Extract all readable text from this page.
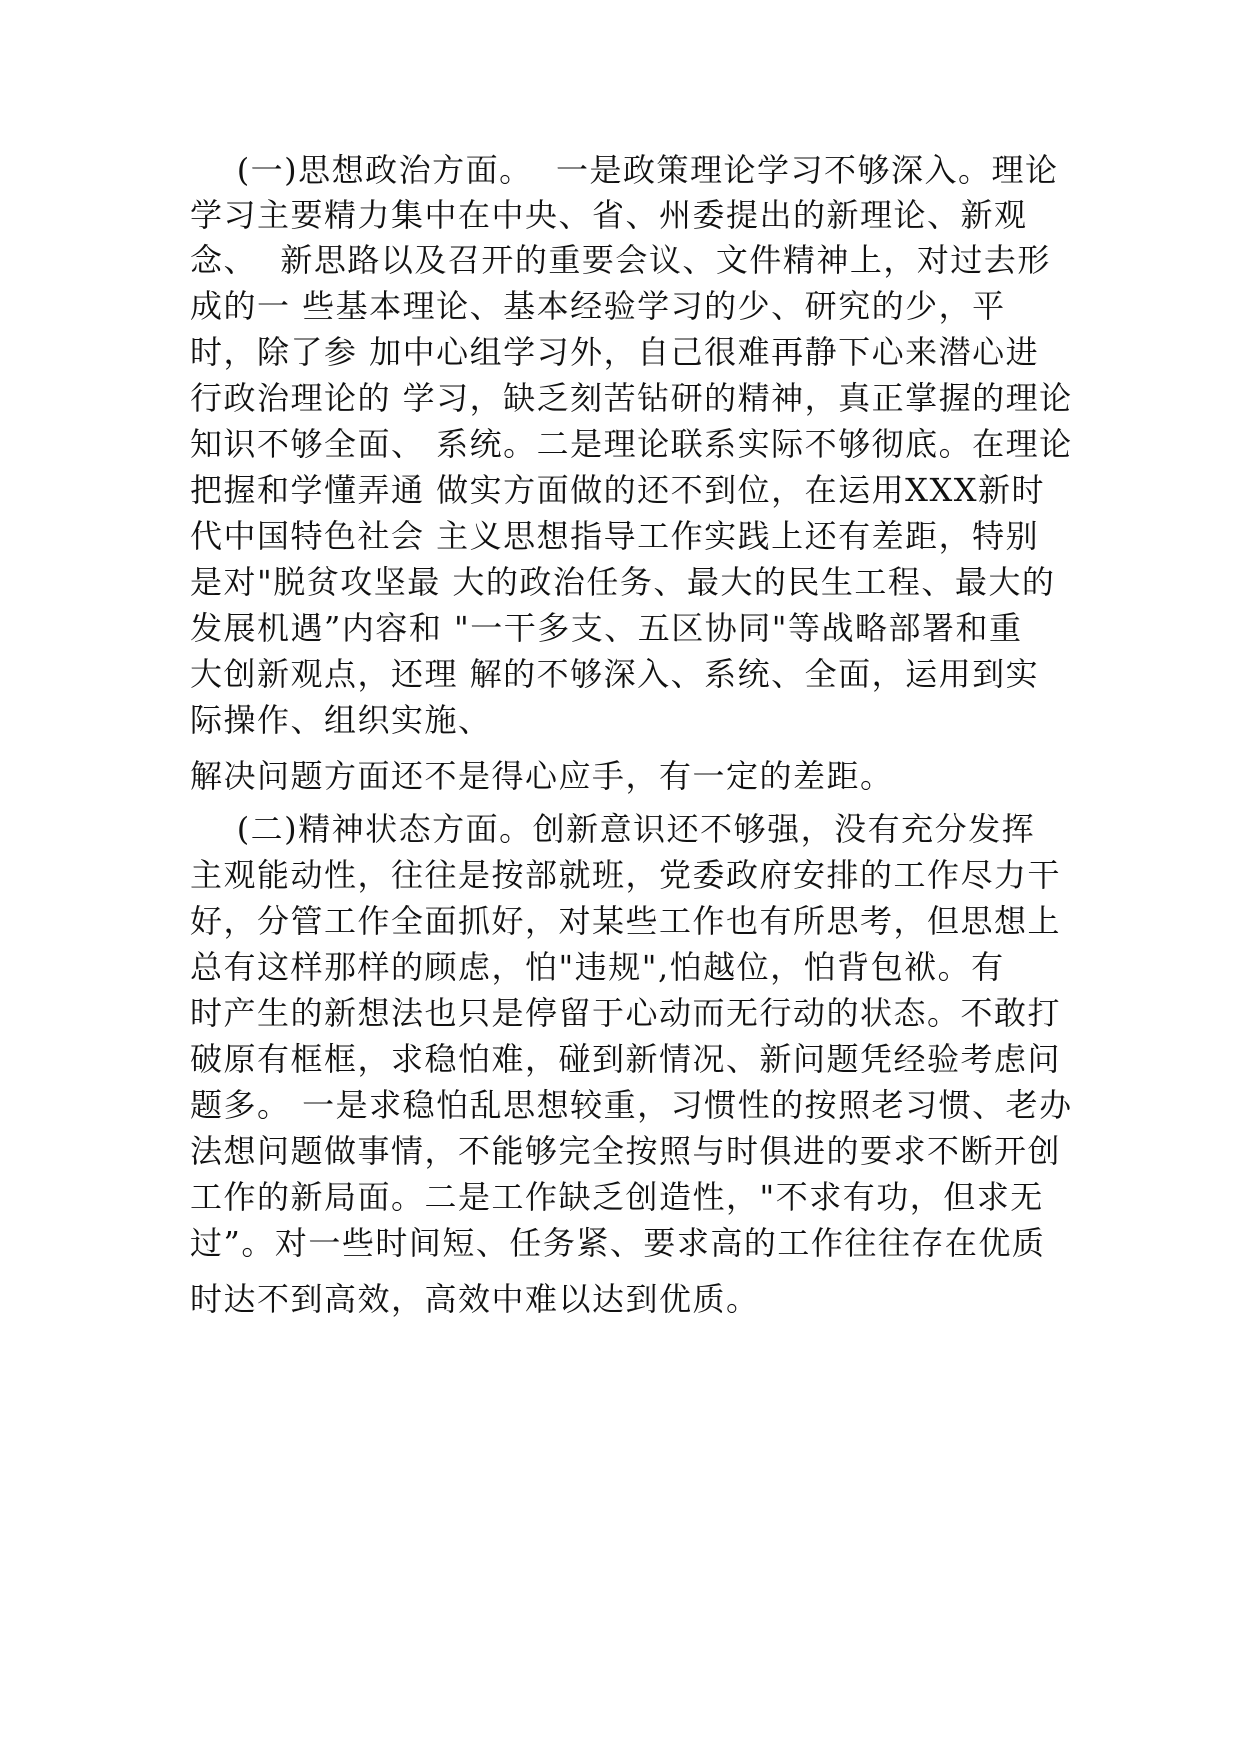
(一)思想政治方面。  一是政策理论学习不够深入。理论
学习主要精力集中在中央、省、州委提出的新理论、新观
念、  新思路以及召开的重要会议、文件精神上，对过去形
成的一 些基本理论、基本经验学习的少、研究的少，平
时，除了参 加中心组学习外，自己很难再静下心来潜心进
行政治理论的 学习，缺乏刻苦钻研的精神，真正掌握的理论
知识不够全面、 系统。二是理论联系实际不够彻底。在理论
把握和学懂弄通 做实方面做的还不到位，在运用XXX新时
代中国特色社会 主义思想指导工作实践上还有差距，特别
是对"脱贫攻坚最 大的政治任务、最大的民生工程、最大的
发展机遇”内容和 "一干多支、五区协同"等战略部署和重
大创新观点，还理 解的不够深入、系统、全面，运用到实
际操作、组织实施、
解决问题方面还不是得心应手，有一定的差距。
(二)精神状态方面。创新意识还不够强，没有充分发挥
主观能动性，往往是按部就班，党委政府安排的工作尽力干
好，分管工作全面抓好，对某些工作也有所思考，但思想上
总有这样那样的顾虑，怕"违规",怕越位，怕背包袱。有
时产生的新想法也只是停留于心动而无行动的状态。不敢打
破原有框框，求稳怕难，碰到新情况、新问题凭经验考虑问
题多。 一是求稳怕乱思想较重，习惯性的按照老习惯、老办
法想问题做事情，不能够完全按照与时俱进的要求不断开创
工作的新局面。二是工作缺乏创造性，"不求有功，但求无
过”。对一些时间短、任务紧、要求高的工作往往存在优质
时达不到高效，高效中难以达到优质。
